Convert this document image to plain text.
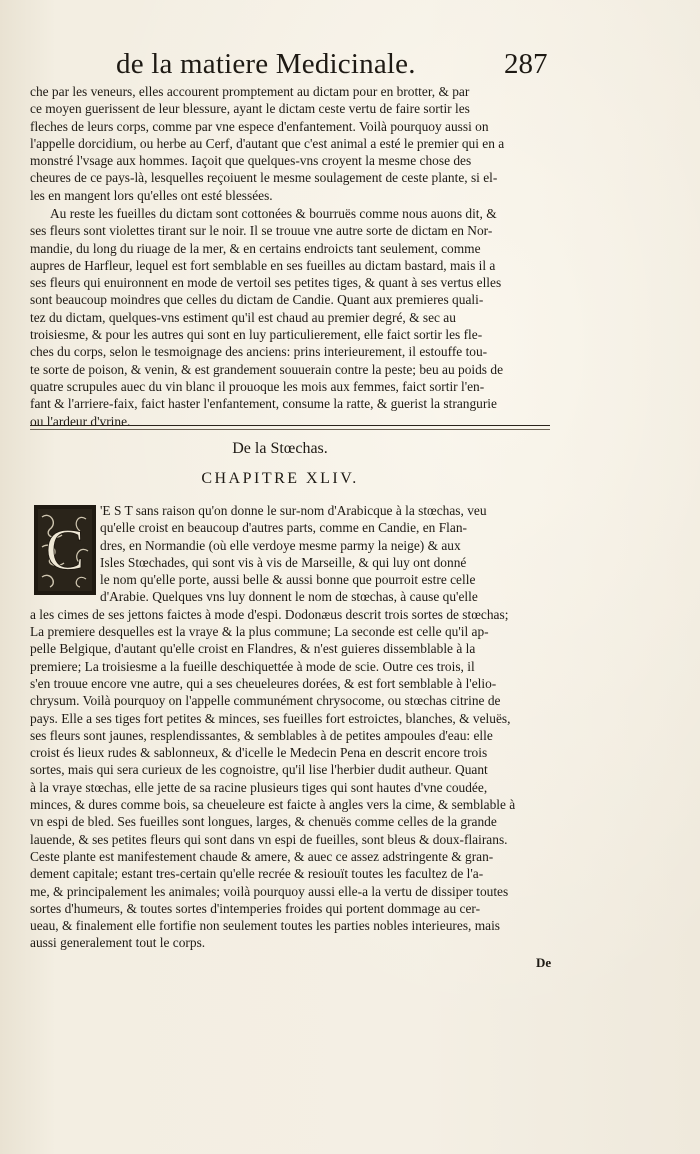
de la matiere Medicinale.	287
che par les veneurs, elles accourent promptement au dictam pour en brotter, & par
ce moyen guerissent de leur blessure, ayant le dictam ceste vertu de faire sortir les
fleches de leurs corps, comme par vne espece d'enfantement. Voilà pourquoy aussi on
l'appelle dorcidium, ou herbe au Cerf, d'autant que c'est animal a esté le premier qui en a
monstré l'vsage aux hommes. Iaçoit que quelques-vns croyent la mesme chose des
cheures de ce pays-là, lesquelles reçoiuent le mesme soulagement de ceste plante, si el-
les en mangent lors qu'elles ont esté blessées.
Au reste les fueilles du dictam sont cottonées & bourruës comme nous auons dit, &
ses fleurs sont violettes tirant sur le noir. Il se trouue vne autre sorte de dictam en Nor-
mandie, du long du riuage de la mer, & en certains endroicts tant seulement, comme
aupres de Harfleur, lequel est fort semblable en ses fueilles au dictam bastard, mais il a
ses fleurs qui enuironnent en mode de vertoil ses petites tiges, & quant à ses vertus elles
sont beaucoup moindres que celles du dictam de Candie. Quant aux premieres quali-
tez du dictam, quelques-vns estiment qu'il est chaud au premier degré, & sec au
troisiesme, & pour les autres qui sont en luy particulierement, elle faict sortir les fle-
ches du corps, selon le tesmoignage des anciens: prins interieurement, il estouffe tou-
te sorte de poison, & venin, & est grandement souuerain contre la peste; beu au poids de
quatre scrupules auec du vin blanc il prouoque les mois aux femmes, faict sortir l'en-
fant & l'arriere-faix, faict haster l'enfantement, consume la ratte, & guerist la strangurie
ou l'ardeur d'vrine.
De la Stœchas.
CHAPITRE XLIV.
C
'E S T sans raison qu'on donne le sur-nom d'Arabicque à la stœchas, veu
qu'elle croist en beaucoup d'autres parts, comme en Candie, en Flan-
dres, en Normandie (où elle verdoye mesme parmy la neige) & aux
Isles Stœchades, qui sont vis à vis de Marseille, & qui luy ont donné
le nom qu'elle porte, aussi belle & aussi bonne que pourroit estre celle
d'Arabie. Quelques vns luy donnent le nom de stœchas, à cause qu'elle
a les cimes de ses jettons faictes à mode d'espi. Dodonæus descrit trois sortes de stœchas;
La premiere desquelles est la vraye & la plus commune; La seconde est celle qu'il ap-
pelle Belgique, d'autant qu'elle croist en Flandres, & n'est guieres dissemblable à la
premiere; La troisiesme a la fueille deschiquettée à mode de scie. Outre ces trois, il
s'en trouue encore vne autre, qui a ses cheueleures dorées, & est fort semblable à l'elio-
chrysum. Voilà pourquoy on l'appelle communément chrysocome, ou stœchas citrine de
pays. Elle a ses tiges fort petites & minces, ses fueilles fort estroictes, blanches, & veluës,
ses fleurs sont jaunes, resplendissantes, & semblables à de petites ampoules d'eau: elle
croist és lieux rudes & sablonneux, & d'icelle le Medecin Pena en descrit encore trois
sortes, mais qui sera curieux de les cognoistre, qu'il lise l'herbier dudit autheur. Quant
à la vraye stœchas, elle jette de sa racine plusieurs tiges qui sont hautes d'vne coudée,
minces, & dures comme bois, sa cheueleure est faicte à angles vers la cime, & semblable à
vn espi de bled. Ses fueilles sont longues, larges, & chenuës comme celles de la grande
lauende, & ses petites fleurs qui sont dans vn espi de fueilles, sont bleus & doux-flairans.
Ceste plante est manifestement chaude & amere, & auec ce assez adstringente & gran-
dement capitale; estant tres-certain qu'elle recrée & resiouït toutes les facultez de l'a-
me, & principalement les animales; voilà pourquoy aussi elle-a la vertu de dissiper toutes
sortes d'humeurs, & toutes sortes d'intemperies froides qui portent dommage au cer-
ueau, & finalement elle fortifie non seulement toutes les parties nobles interieures, mais
aussi generalement tout le corps.
De
